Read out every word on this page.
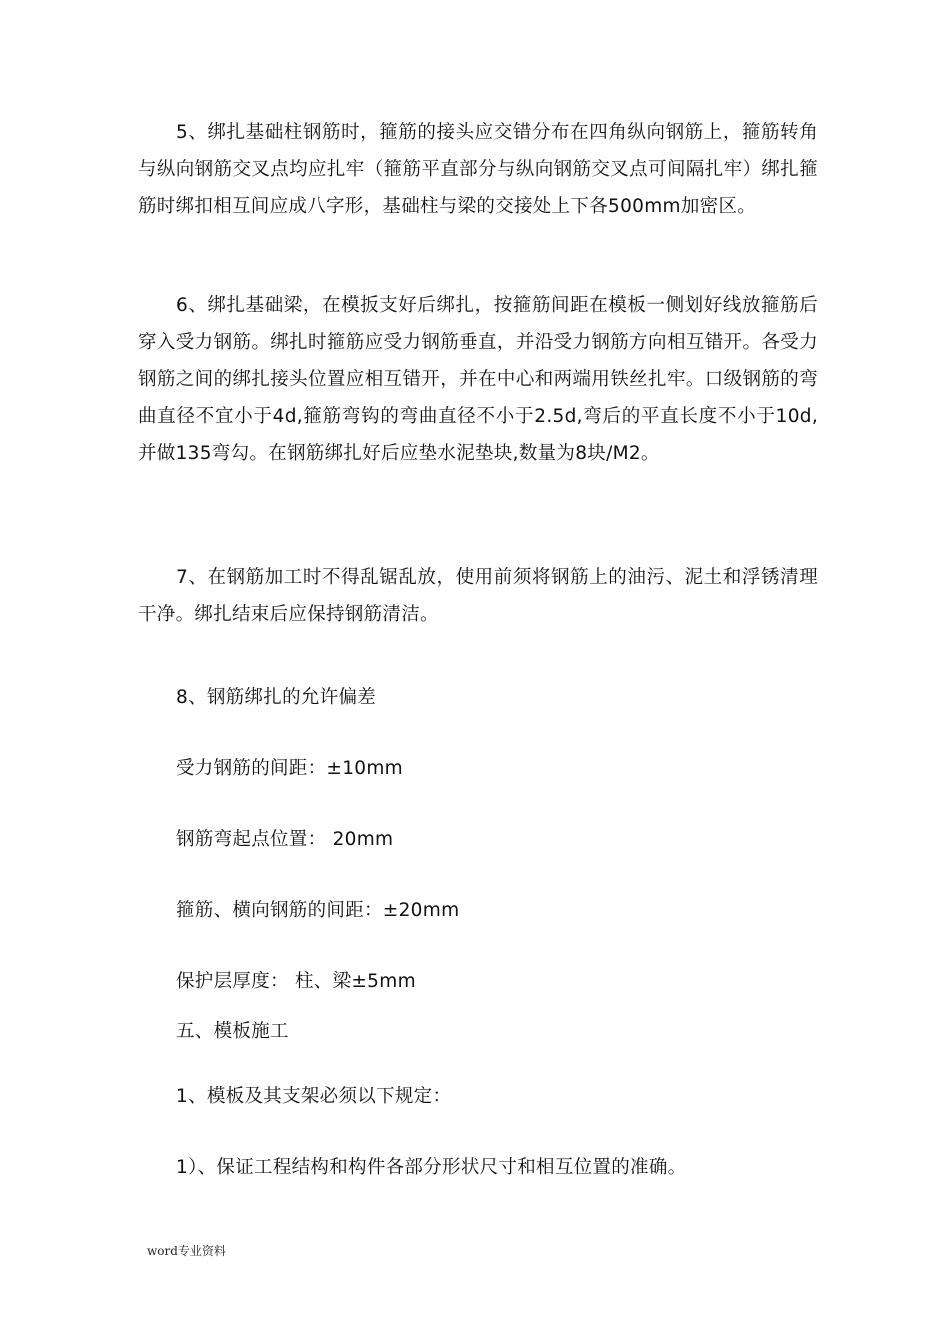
5、绑扎基础柱钢筋时，箍筋的接头应交错分布在四角纵向钢筋上，箍筋转角与纵向钢筋交叉点均应扎牢（箍筋平直部分与纵向钢筋交叉点可间隔扎牢）绑扎箍筋时绑扣相互间应成八字形，基础柱与梁的交接处上下各500mm加密区。

6、绑扎基础梁，在模扳支好后绑扎，按箍筋间距在模板一侧划好线放箍筋后穿入受力钢筋。绑扎时箍筋应受力钢筋垂直，并沿受力钢筋方向相互错开。各受力钢筋之间的绑扎接头位置应相互错开，并在中心和两端用铁丝扎牢。口级钢筋的弯曲直径不宜小于4d,箍筋弯钩的弯曲直径不小于2.5d,弯后的平直长度不小于10d,并做135弯勾。在钢筋绑扎好后应垫水泥垫块,数量为8块/M2。

7、在钢筋加工时不得乱锯乱放，使用前须将钢筋上的油污、泥土和浮锈清理干净。绑扎结束后应保持钢筋清洁。

8、钢筋绑扎的允许偏差

受力钢筋的间距：±10mm

钢筋弯起点位置： 20mm

箍筋、横向钢筋的间距：±20mm

保护层厚度： 柱、梁±5mm

五、模板施工

1、模板及其支架必须以下规定：

1）、保证工程结构和构件各部分形状尺寸和相互位置的准确。

word专业资料
